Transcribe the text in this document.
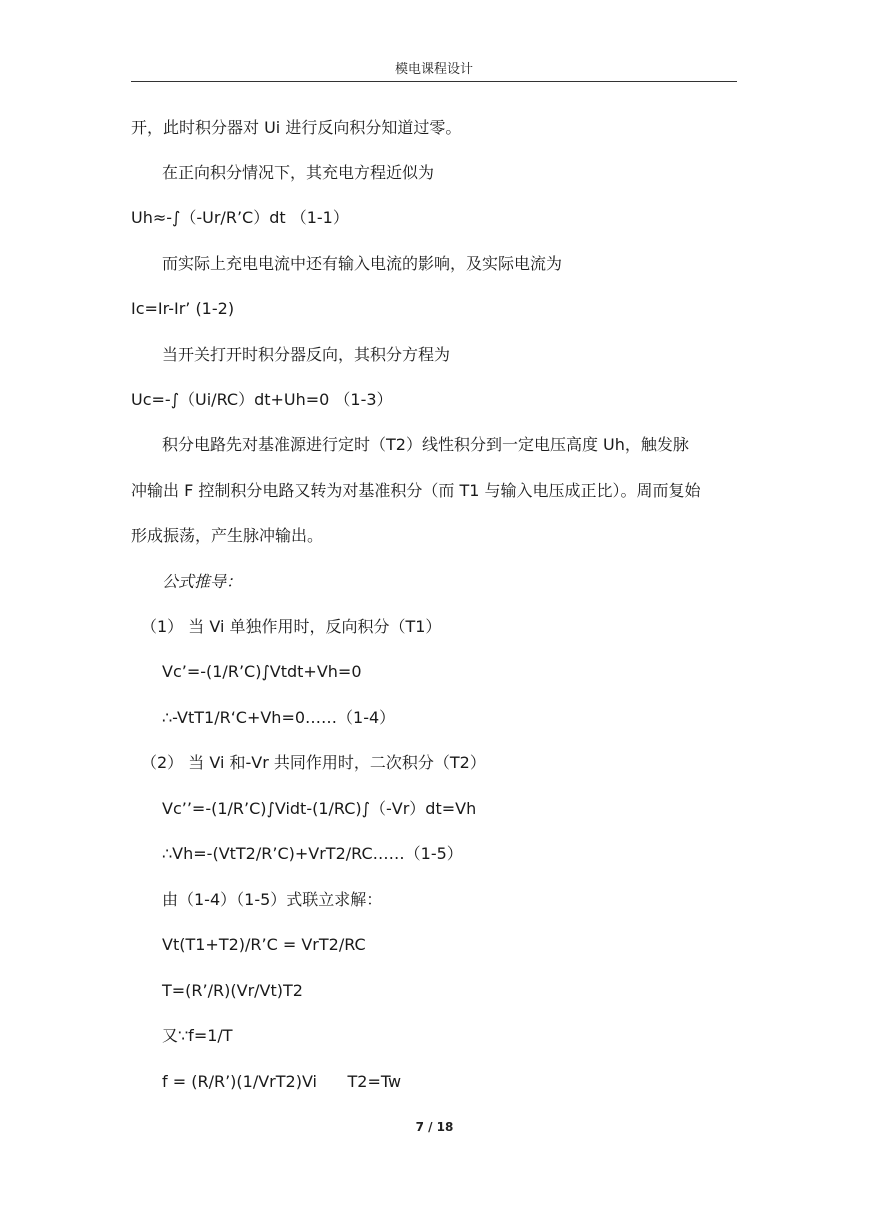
模电课程设计
开，此时积分器对 Ui 进行反向积分知道过零。
在正向积分情况下，其充电方程近似为
Uh≈-∫（-Ur/R’C）dt （1-1）
而实际上充电电流中还有输入电流的影响，及实际电流为
Ic=Ir-Ir’ (1-2)
当开关打开时积分器反向，其积分方程为
Uc=-∫（Ui/RC）dt+Uh=0 （1-3）
积分电路先对基准源进行定时（T2）线性积分到一定电压高度 Uh，触发脉
冲输出 F 控制积分电路又转为对基准积分（而 T1 与输入电压成正比）。周而复始
形成振荡，产生脉冲输出。
公式推导：
（1） 当 Vi 单独作用时，反向积分（T1）
Vc’=-(1/R’C)∫Vtdt+Vh=0
∴-VtT1/R‘C+Vh=0……（1-4）
（2） 当 Vi 和-Vr 共同作用时，二次积分（T2）
Vc’’=-(1/R’C)∫Vidt-(1/RC)∫（-Vr）dt=Vh
∴Vh=-(VtT2/R’C)+VrT2/RC……（1-5）
由（1-4）（1-5）式联立求解：
Vt(T1+T2)/R’C = VrT2/RC
T=(R’/R)(Vr/Vt)T2
又∵f=1/T
f = (R/R’)(1/VrT2)Vi      T2=Tw
7 / 18
